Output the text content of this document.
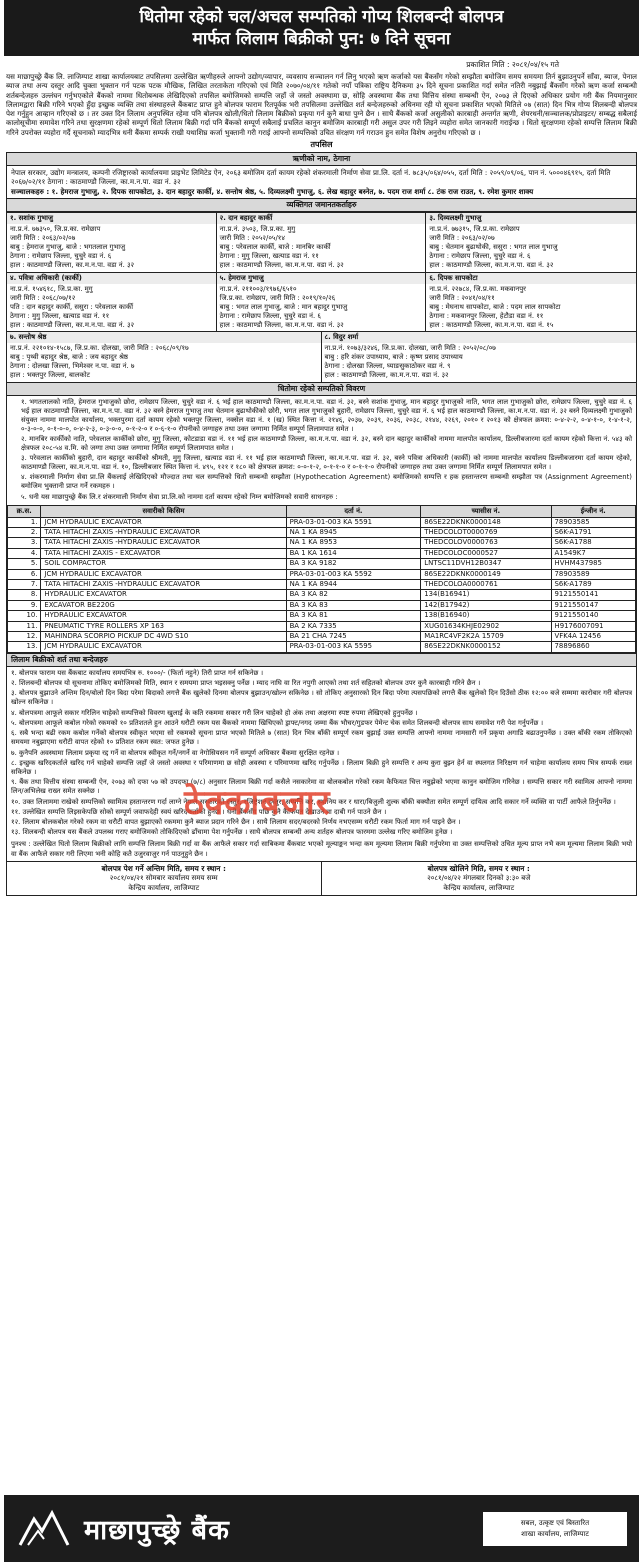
धितोमा रहेको चल/अचल सम्पतिको गोप्य शिलबन्दी बोलपत्र
मार्फत लिलाम बिक्रीको पुन: ७ दिने सूचना
प्रकाशित मिति : २०८१/०४/१५ गते
यस माछापुच्छ्रे बैंक लि. लाजिम्पाट शाखा कार्यालयबाट तपसिलमा उल्लेखित ऋणीहरुले आफ्नो उद्योग/व्यापार, व्यवसाय सञ्चालन गर्न लिनु भएको ऋण कर्जाको यस बैंकसँग गरेको सम्झौता बमोजिम समय समयमा तिर्न बुझाउनुपर्ने साँवा, ब्याज, पेनाल ब्याज तथा अन्य दस्तुर आदि चुक्ता भुक्तान गर्न पटक पटक मौखिक, लिखित तरताकेता गरिएको एवं मिति २०७०/०४/११ गतेको नयाँ पत्रिका राष्ट्रिय दैनिकमा ३५ दिने सूचना प्रकाशित गर्दा समेत नतिरी नबुझाई बैंकसँग गरेको ऋण कर्जा सम्बन्धी शर्तबन्देजहरु उल्लंघन गर्नुभएकोले बैंकको नाममा धितोबन्धक लेखिदिएको तपसिल बमोजिमको सम्पत्ति जहाँ जे जस्तो अवस्थामा छ, सोहि अवस्थामा बैंक तथा वित्तिय संस्था सम्बन्धी ऐन, २०७३ ले दिएको अधिकार प्रयोग गरी बैंक नियमानुसार लिलामद्वारा बिक्री गरिने भएको हुँदा इच्छुक व्यक्ति तथा संस्थाहरुले बैंकबाट प्राप्त हुने बोलपत्र फाराम रितपूर्वक भरी तपसिलमा उल्लेखित शर्त बन्देजहरुको अधिनमा रही यो सूचना प्रकाशित भएको मितिले ०७ (सात) दिन भित्र गोप्य शिलबन्दी बोलपत्र पेश गर्नुहुन आव्हान गरिएको छ । तर उक्त दिन लिलाम अनुपस्थित रहेमा पनि बोलपत्र खोली/धितो लिलाम बिक्रीको प्रकृया गर्न कुनै बाधा पुग्ने छैन । साथै बैंकको कर्जा असुलीको कारबाही अन्तर्गत ऋणी, शेयरधनी/सञ्चालक/प्रोप्राइटर/ सम्बद्ध सबैलाई कालोसूचीमा समावेश गरिने तथा सुरक्षणमा रहेको सम्पूर्ण धितो लिलाम बिक्री गर्दा पनि बैंकको सम्पूर्ण सबैलाई प्रचलित कानुन बमोजिम कारबाही गरी असुल उपर गरी लिइने व्यहोरा समेत जानकारी गराईन्छ । धितो सुरक्षणमा रहेको सम्पत्ति लिलाम बिक्री गरिने उपरोक्त व्यहोरा गर्दै सूचनाको म्यादभित्र धनी बैंकमा सम्पर्क राखी यथाशिघ्र कर्जा भुक्तानी गरी गराई आफ्नो सम्पत्तिको उचित संरक्षण गर्न गराउन हुन समेत विशेष अनुरोध गरिएको छ ।
तपसिल
ऋणीको नाम, ठेगाना
नेपाल सरकार, उद्योग मन्त्रालय, कम्पनी रजिष्ट्रारको कार्यालयमा प्राइभेट लिमिटेड ऐन, २०६३ बमोजिम दर्ता कायम रहेको शंकरमाली निर्माण सेवा प्रा.लि. दर्ता नं. ७८३५/०६४/०५५, दर्ता मिति : २०५९/०९/०६, पान नं. ५०००४६९१५, दर्ता मिति २०६७/०२/११ ठेगाना : काठमाण्डौ जिल्ला, का.म.न.पा. वडा नं. ३२
सञ्चालकहरु : १. हेमराज गुभाजु, २. दिपक सापकोटा, ३. दान बहादुर कार्की, ४. सन्तोष श्रेष्ठ, ५. दिव्यलक्ष्मी गुभाजु, ६. लेख बहादुर बस्नेत, ७. पदम राज शर्मा ८. टंक राज राउत, ९. रमेश कुमार शाक्य
व्यक्तिगत जमानतकर्ताहरु
१. सशांक गुभाजु
ना.प्र.नं. ७७३५०, जि.प्र.का. रामेछाप
जारी मिति : २०६३/०२/०७
बाबु : हेमराज गुभाजु, बाजे : भगतलाल गुभाजु
ठेगाना : रामेछाप जिल्ला, चुचुरे वडा नं. ६
हाल : काठमाण्डौ जिल्ला, का.म.न.पा. वडा नं. ३२
२. दान बहादुर कार्की
ना.प्र.नं. ३५०३, जि.प्र.का. मुगु
जारी मिति : २०५२/०५/१४
बाबु : परेवलाल कार्की, बाजे : मानबिर कार्की
ठेगाना : मुगु जिल्ला, खत्याड वडा नं. ११
हाल : काठमाण्डौ जिल्ला, का.म.न.पा. वडा नं. ३२
३. दिव्यलक्ष्मी गुभाजु
ना.प्र.नं. ७७३१५, जि.प्र.का. रामेछाप
जारी मिति : २०६३/०२/०७
बाबु : चेतमान बुढाथोकी, ससुरा : भगत लाल गुभाजु
ठेगाना : रामेछाप जिल्ला, चुचुरे वडा नं. ६
हाल : काठमाण्डौ जिल्ला, का.म.न.पा. वडा नं. ३२
४. पवित्रा अधिकारी (कार्की)
ना.प्र.नं. १५४६१८, जि.प्र.का. मुगु
जारी मिति : २०६८/०७/१२
पति : दान बहादुर कार्की, ससुरा : परेवलाल कार्की
ठेगाना : मुगु जिल्ला, खत्याड वडा नं. ११
हाल : काठमाण्डौ जिल्ला, का.म.न.पा. वडा नं. ३२
५. हेमराज गुभाजु
ना.प्र.नं. २११००३/१९७६/६५१०
जि.प्र.का. रामेछाप, जारी मिति : २०१९/१०/२६
बाबु : भगत लाल गुभाजु, बाजे : मान बहादुर गुभाजु
ठेगाना : रामेछाप जिल्ला, चुचुरे वडा नं. ६
हाल : काठमाण्डौ जिल्ला, का.म.न.पा. वडा नं. ३२
६. दिपक सापकोटा
ना.प्र.नं. २२७८४, जि.प्र.का. मकवानपुर
जारी मिति : २०४१/०४/११
बाबु : मेघनाथ सापकोटा, बाजे : पदम लाल सापकोटा
ठेगाना : मकवानपुर जिल्ला, हेटौडा वडा नं. ११
हाल : काठमाण्डौ जिल्ला, का.म.न.पा. वडा नं. १५
७. सन्तोष श्रेष्ठ
ना.प्र.नं. २२१०१४-१५८७, जि.प्र.का. दोलखा, जारी मिति : २०६८/०९/१७
बाबु : पृथ्वी बहादुर श्रेष्ठ, बाजे : जय बहादुर श्रेष्ठ
ठेगाना : दोलखा जिल्ला, भिमेश्वर न.पा. वडा नं. ७
हाल : भक्तपुर जिल्ला, बालकोट
८. विदुर शर्मा
ना.प्र.नं. १०७३/३२४६, जि.प्र.का. दोलखा, जारी मिति : २०५२/०८/०७
बाबु : हरि शंकर उपाध्याय, बाजे : कृष्ण प्रसाद उपाध्याय
ठेगाना : दोलखा जिल्ला, घ्याङसुकाठोकर वडा नं. ९
हाल : काठमाण्डौ जिल्ला, का.म.न.पा. वडा नं. ३२
धितोमा रहेको सम्पतिको विवरण

१. भगतलालको नाति, हेमराज गुभाजुको छोरा, रामेछाप जिल्ला, चुचुरे वडा नं. ६ भई हाल काठमाण्डौ जिल्ला, का.म.न.पा. वडा नं. ३२, बस्ने सशांक गुभाजु, मान बहादुर गुभाजुको नाति, भगत लाल गुभाजुको छोरा, रामेछाप जिल्ला, चुचुरे वडा नं. ६ भई हाल काठमाण्डौ जिल्ला, का.म.न.पा. वडा नं. ३२ बस्ने हेमराज गुभाजु तथा चेतमान बुढाथोकीको छोरी, भगत लाल गुभाजुको बुहारी, रामेछाप जिल्ला, चुचुरे वडा नं. ६ भई हाल काठमाण्डौ जिल्ला, का.म.न.पा. वडा नं. ३२ बस्ने दिव्यलक्ष्मी गुभाजुको संयुक्त नाममा मालपोत कार्यालय, भक्तपुरमा दर्ता कायम रहेको भक्तपुर जिल्ला, नक्सेल वडा नं. १ (ख) स्थित कित्ता नं. २१४६, २०३७, २०३९, २०३६, २०३८, २१४४, २२६९, २०१० र २०१३ को क्षेत्रफल क्रमश: ०-४-२-२, ०-४-१-०, १-४-१-२, ०-३-०-०, ०-१-०-०, ०-४-२-३, ०-३-०-०, ०-१-२-० र ०-६-१-० रोपनीको जग्गाहरु तथा उक्त जग्गामा निर्मित सम्पूर्ण लिलामपात समेत ।

२. मानबिर कार्कीको नाति, परेवलाल कार्कीको छोरा, मुगु जिल्ला, कोटडाडा वडा नं. ११ भई हाल काठमाण्डौ जिल्ला, का.म.न.पा. वडा नं. ३२, बस्ने दान बहादुर कार्कीको नाममा मालपोत कार्यालय, डिल्लीबजारमा दर्ता कायम रहेको कित्ता नं. ५४३ को क्षेत्रफल २०८-५४ व.मि. को जग्गा तथा उक्त जग्गामा निर्मित सम्पूर्ण लिलामपात समेत ।

३. परेवलाल कार्कीको बुहारी, दान बहादुर कार्कीको श्रीमती, मुगु जिल्ला, खत्याड वडा नं. ११ भई हाल काठमाण्डौ जिल्ला, का.म.न.पा. वडा नं. ३२, बस्ने पवित्रा अधिकारी (कार्की) को नाममा मालपोत कार्यालय डिल्लीबजारमा दर्ता कायम रहेको, काठमाण्डौ जिल्ला, का.म.न.पा. वडा नं. १०, डिल्लीबजार स्थित कित्ता नं. ४९५, १२१ र १८० को क्षेत्रफल क्रमश: ०-०-१-२, ०-१-१-० र ०-१-१-० रोपनीको जग्गाहरु तथा उक्त जग्गामा निर्मित सम्पूर्ण लिलामपात समेत ।

४. शंकरमाली निर्माण सेवा प्रा.लि बैंकलाई लेखिदिएको मौज्दात तथा चल सम्पत्तिको धितो सम्बन्धी सम्झौता (Hypothecation Agreement) बमोजिमको सम्पत्ति र हक हस्तान्तरण सम्बन्धी सम्झौता पत्र (Assignment Agreement) बमोजिम भुक्तानी प्राप्त गर्ने रकमहरु ।

५. धनी यस माछापुच्छ्रे बैंक लि.र शंकरमाली निर्माण सेवा प्रा.लि.को नाममा दर्ता कायम रहेको निम्न बमोजिमको सवारी साधनहरु :

क्र.स.	सवारीको किसिम	दर्ता नं.	च्यासीस नं.	ईन्जीन नं.
1.	JCM HYDRAULIC EXCAVATOR	PRA-03-01-003 KA 5591	86SE22DKNK0000148	78903585
2.	TATA HITACHI ZAXIS -HYDRAULIC EXCAVATOR	NA 1 KA 8945	THEDCOLOT0000769	S6K-A1791
3.	TATA HITACHI ZAXIS -HYDRAULIC EXCAVATOR	NA 1 KA 8953	THEDCOLOV0000763	S6K-A1788
4.	TATA HITACHI ZAXIS - EXCAVATOR	BA 1 KA 1614	THEDCOLOC0000527	A1549K7
5.	SOIL COMPACTOR	BA 3 KA 9182	LNTSC11DVH12B0347	HVHM437985
6.	JCM HYDRAULIC EXCAVATOR	PRA-03-01-003 KA 5592	86SE22DKNK0000149	78903589
7.	TATA HITACHI ZAXIS -HYDRAULIC EXCAVATOR	NA 1 KA 8944	THEDCOLOA0000761	S6K-A1789
8.	HYDRAULIC EXCAVATOR	BA 3 KA 82	134(B16941)	9121550141
9.	EXCAVATOR BE220G	BA 3 KA 83	142(B17942)	9121550147
10.	HYDRAULIC EXCAVATOR	BA 3 KA 81	138(B16940)	9121550140
11.	PNEUMATIC TYRE ROLLERS XP 163	BA 2 KA 7335	XUG01634KHJE02902	H9176007091
12.	MAHINDRA SCORPIO PICKUP DC 4WD S10	BA 21 CHA 7245	MA1RC4VF2K2A 15709	VFK4A 12456
13.	JCM HYDRAULIC EXCAVATOR	PRA-03-01-003 KA 5595	86SE22DKNK0000152	78896860
लिलाम बिक्रीको शर्त तथा बन्देजहरु

१. बोलपत्र फाराम यस बैंकबाट कार्यालय समयभित्र रु. १०००/- (फिर्ता नहुने) तिरी प्राप्त गर्न सकिनेछ ।

२. शिलबन्दी बोलपत्र यो सूचनामा तोकिए बमोजिमको मिति, स्थान र समयमा प्राप्त भइसक्नु पर्नेछ । म्याद नाघि वा रित नपुगी आएको तथा शर्त सहितको बोलपत्र उपर कुनै कारबाही गरिने छैन ।

३. बोलपत्र बुझाउने अन्तिम दिन/बोलो दिन बिदा परेमा बिदाको लगत्तै बैंक खुलेको दिनमा बोलपत्र बुझाउन/खोल्न सकिनेछ । सो तोकिए अनुसारको दिन बिदा परेमा त्यसपछिको लगत्तै बैंक खुलेको दिन दिउँसो ठीक १२:०० बजे सम्ममा कारोबार गरी बोलपत्र खोल्न सकिनेछ ।

४. बोलपत्रमा आफूले सकार गरिलिन चाहेको सम्पत्तिको विवरण खुलाई के कति रकममा सकार गरी लिन चाहेको हो अंक तथा अक्षरमा स्पष्ट रुपमा लेखिएको हुनुपर्नेछ ।

५. बोलपत्रमा आफूले कबोल गरेको रकमको १० प्रतिशतले हुन आउने धरौटी रकम यस बैंकको नाममा खिचिएको ड्राफ्ट/नगद जम्मा बैंक भौचर/गुडफर पेमेन्ट चेक समेत शिलबन्दी बोलपत्र साथ समावेश गरी पेश गर्नुपर्नेछ ।

६. सबै भन्दा बढी रकम कबोल गर्नेको बोलपत्र स्वीकृत भएमा सो रकमको सूचना प्राप्त भएको मितिले ७ (सात) दिन भित्र बाँकी सम्पूर्ण रकम बुझाई उक्त सम्पत्ति आफ्नो नाममा नामसारी गर्ने प्रकृया अगाडि बढाउनुपर्नेछ । उक्त बाँकी रकम तोकिएको समयमा नबुझाएमा धरौटी वापत रहेको १० प्रतिशत रकम स्वत: जफत हुनेछ ।

७. कुनैपनि अवस्थामा लिलाम प्रकृया रद्द गर्ने वा बोलपत्र स्वीकृत गर्ने/नगर्ने वा नेगोसियसन गर्ने सम्पूर्ण अधिकार बैंकमा सुरक्षित रहनेछ ।

८. इच्छुक खरिदकर्ताले खरिद गर्न चाहेको सम्पत्ति जहाँ जे जस्तो अवस्था र परिमाणमा छ सोही अवस्था र परिमाणमा खरिद गर्नुपर्नेछ । लिलाम बिक्री हुने सम्पत्ति र अन्य कुरा बुझ्न हेर्न वा स्थलगत निरिक्षण गर्न चाहेमा कार्यालय समय भित्र सम्पर्क राख्न सकिनेछ ।

९. बैंक तथा वित्तीय संस्था सम्बन्धी ऐन, २०७३ को दफा ५७ को उपदफा (७/८) अनुसार लिलाम बिक्री गर्दा कसैले नसकारेमा वा बोलकबोल गरेको रकम कैफियत चित्त नबुझेको भएमा कानुन बमोजिम गरिनेछ । सम्पत्ति सकार गरी स्वामित्व आफ्नो नाममा लिन/अभिलेख राख्न समेत सक्नेछ ।

१०. उक्त लिलाममा राखेको सम्पत्तिको स्वामित्व हस्तान्तरण गर्दा लाग्ने नेपाल सरकारको दस्तुर, रजिष्ट्रेशन दस्तुर, सम्पत्ति कर, स्थानिय कर र धारा/बिजुली शुल्क बाँकी बक्यौता समेत सम्पूर्ण दायित्व आदि सकार गर्ने व्यक्ति वा पार्टी आफैले तिर्नुपर्नेछ ।

११. उल्लेखित सम्पत्ति लिइसकेपछि सोको सम्पूर्ण जवाफदेही स्वयं खरिदकर्ताको हुनेछ । धनी बैंकसँग पछि कुनै कैफियत देखाउन वा दाबी गर्न पाउने छैन ।

१२. लिलाम बोलकबोल गरेको रकम वा धरौटी वापत बुझाएको रकममा कुनै ब्याज प्रदान गरिने छैन । साथै लिलाम सदर/बदरको निर्णय नभएसम्म धरौटी रकम फिर्ता माग गर्न पाइने छैन ।

१३. शिलबन्दी बोलपत्र यस बैंकले उपलब्ध गराए बमोजिमको तोकिदिएको ढाँचामा पेश गर्नुपर्नेछ । साथै बोलपत्र सम्बन्धी अन्य शर्तहरु बोलपत्र फारममा उल्लेख गरिए बमोजिम हुनेछ ।

पुनश्च : उल्लेखित धितो लिलाम बिक्रीको लागि सम्पत्ति लिलाम बिक्री गर्दा वा बैंक आफैले सकार गर्दा साबिकमा बैंकबाट भएको मूल्याङ्कन भन्दा कम मूल्यमा लिलाम बिक्री गर्नुपरेमा वा उक्त सम्पत्तिको उचित मूल्य प्राप्त नभै कम मूल्यमा लिलाम बिक्री भयो वा बैंक आफैले सकार गरी लिएमा भनी कोहि कतै उजुरवाजुर गर्न पाउनुहुने छैन ।
बोलपत्र पेश गर्ने अन्तिम मिति, समय र स्थान :
२०८१/०४/२१ सोमबार कार्यालय समय सम्म
केन्द्रिय कार्यालय, लाजिम्पाट
बोलपत्र खोलिने मिति, समय र स्थान :
२०८१/०४/२२ मंगलबार दिनको ३:३० बजे
केन्द्रिय कार्यालय, लाजिम्पाट
ठेक्काबजार
माछापुच्छ्रे बैंक	सबल, उत्कृष्ट एवं बिस्तारित
शाखा कार्यालय, लाजिम्पाट
